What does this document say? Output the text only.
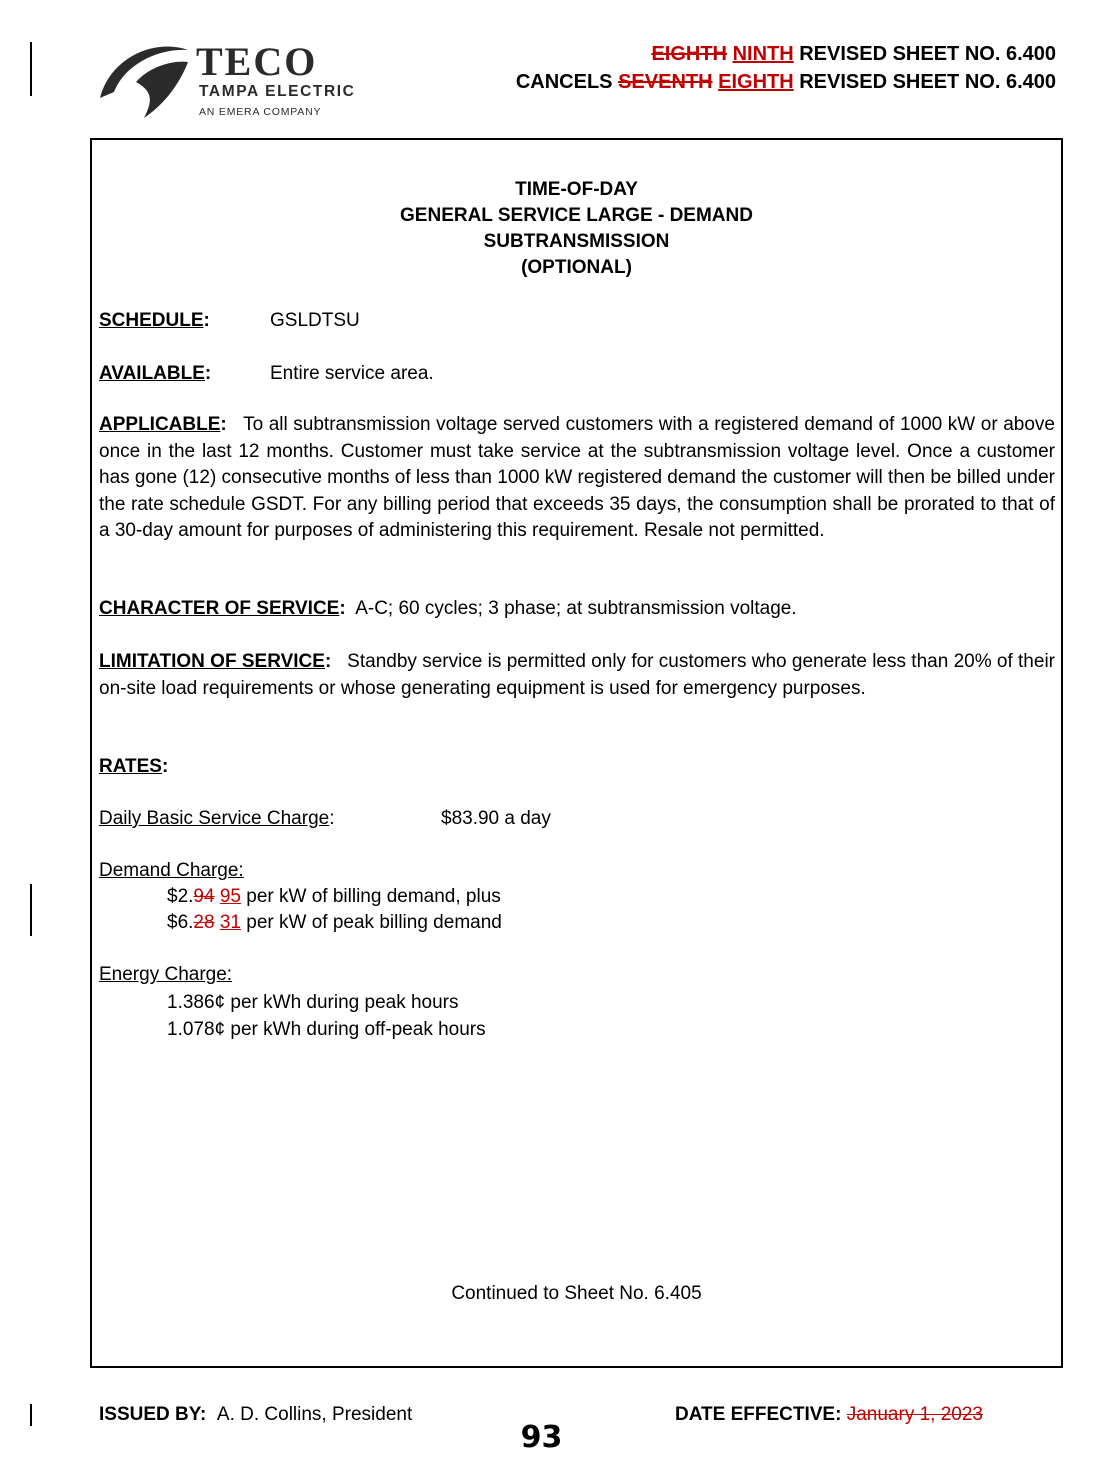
TECO
TAMPA ELECTRIC
AN EMERA COMPANY
EIGHTH NINTH REVISED SHEET NO. 6.400
CANCELS SEVENTH EIGHTH REVISED SHEET NO. 6.400
TIME-OF-DAY
GENERAL SERVICE LARGE - DEMAND
SUBTRANSMISSION
(OPTIONAL)
SCHEDULE:	GSLDTSU
AVAILABLE:	Entire service area.
APPLICABLE: To all subtransmission voltage served customers with a registered demand of 1000 kW or above once in the last 12 months. Customer must take service at the subtransmission voltage level. Once a customer has gone (12) consecutive months of less than 1000 kW registered demand the customer will then be billed under the rate schedule GSDT. For any billing period that exceeds 35 days, the consumption shall be prorated to that of a 30-day amount for purposes of administering this requirement. Resale not permitted.
CHARACTER OF SERVICE: A-C; 60 cycles; 3 phase; at subtransmission voltage.
LIMITATION OF SERVICE: Standby service is permitted only for customers who generate less than 20% of their on-site load requirements or whose generating equipment is used for emergency purposes.
RATES:
Daily Basic Service Charge:	$83.90 a day
Demand Charge:
$2.94 95 per kW of billing demand, plus
$6.28 31 per kW of peak billing demand
Energy Charge:
1.386¢ per kWh during peak hours
1.078¢ per kWh during off-peak hours
Continued to Sheet No. 6.405
ISSUED BY: A. D. Collins, President	DATE EFFECTIVE: January 1, 2023
93
